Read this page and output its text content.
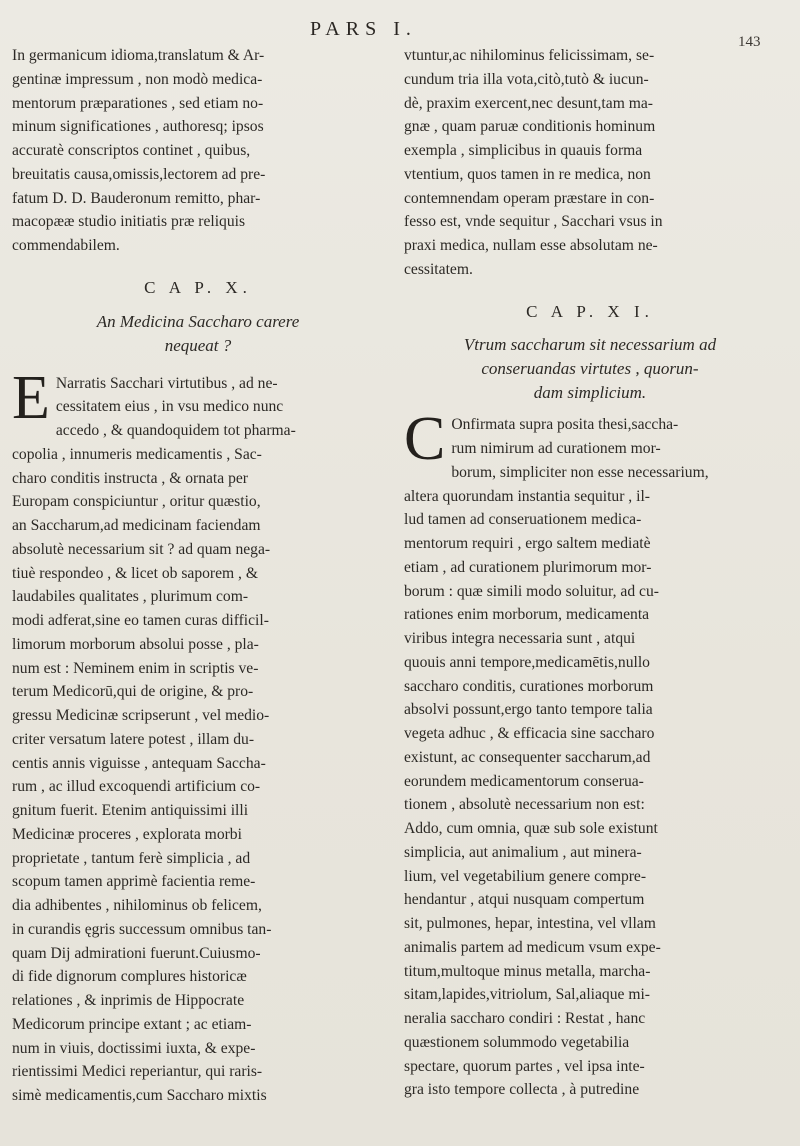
PARS I.
143
In germanicum idioma,translatum & Ar-
gentinæ impressum , non modò medica-
mentorum præparationes , sed etiam no-
minum significationes , authoresq; ipsos
accuratè conscriptos continet , quibus,
breuitatis causa,omissis,lectorem ad pre-
fatum D. D. Bauderonum remitto, phar-
macopææ studio initiatis præ reliquis
commendabilem.
C A P. X.
An Medicina Saccharo carere
nequeat ?
E Narratis Sacchari virtutibus , ad ne-
cessitatem eius , in vsu medico nunc
accedo , & quandoquidem tot pharma-
copolia , innumeris medicamentis , Sac-
charo conditis instructa , & ornata per
Europam conspiciuntur , oritur quæstio,
an Saccharum,ad medicinam faciendam
absolutè necessarium sit ? ad quam nega-
tiuè respondeo , & licet ob saporem , &
laudabiles qualitates , plurimum com-
modi adferat,sine eo tamen curas difficil-
limorum morborum absolui posse , pla-
num est : Neminem enim in scriptis ve-
terum Medicorū,qui de origine, & pro-
gressu Medicinæ scripserunt , vel medio-
criter versatum latere potest , illam du-
centis annis viguisse , antequam Saccha-
rum , ac illud excoquendi artificium co-
gnitum fuerit. Etenim antiquissimi illi
Medicinæ proceres , explorata morbi
proprietate , tantum ferè simplicia , ad
scopum tamen apprimè facientia reme-
dia adhibentes , nihilominus ob felicem,
in curandis ęgris successum omnibus tan-
quam Dij admirationi fuerunt.Cuiusmo-
di fide dignorum complures historicæ
relationes , & inprimis de Hippocrate
Medicorum principe extant ; ac etiam-
num in viuis, doctissimi iuxta, & expe-
rientissimi Medici reperiantur, qui raris-
simè medicamentis,cum Saccharo mixtis
vtuntur,ac nihilominus felicissimam, se-
cundum tria illa vota,citò,tutò & iucun-
dè, praxim exercent,nec desunt,tam ma-
gnæ , quam paruæ conditionis hominum
exempla , simplicibus in quauis forma
vtentium, quos tamen in re medica, non
contemnendam operam præstare in con-
fesso est, vnde sequitur , Sacchari vsus in
praxi medica, nullam esse absolutam ne-
cessitatem.
C A P. X I.
Vtrum saccharum sit necessarium ad
conseruandas virtutes , quorun-
dam simplicium.
C Onfirmata supra posita thesi,saccha-
rum nimirum ad curationem mor-
borum, simpliciter non esse necessarium,
altera quorundam instantia sequitur , il-
lud tamen ad conseruationem medica-
mentorum requiri , ergo saltem mediatè
etiam , ad curationem plurimorum mor-
borum : quæ simili modo soluitur, ad cu-
rationes enim morborum, medicamenta
viribus integra necessaria sunt , atqui
quouis anni tempore,medicamētis,nullo
saccharo conditis, curationes morborum
absolvi possunt,ergo tanto tempore talia
vegeta adhuc , & efficacia sine saccharo
existunt, ac consequenter saccharum,ad
eorundem medicamentorum conserua-
tionem , absolutè necessarium non est:
Addo, cum omnia, quæ sub sole existunt
simplicia, aut animalium , aut minera-
lium, vel vegetabilium genere compre-
hendantur , atqui nusquam compertum
sit, pulmones, hepar, intestina, vel vllam
animalis partem ad medicum vsum expe-
titum,multoque minus metalla, marcha-
sitam,lapides,vitriolum, Sal,aliaque mi-
neralia saccharo condiri : Restat , hanc
quæstionem solummodo vegetabilia
spectare, quorum partes , vel ipsa inte-
gra isto tempore collecta , à putredine
